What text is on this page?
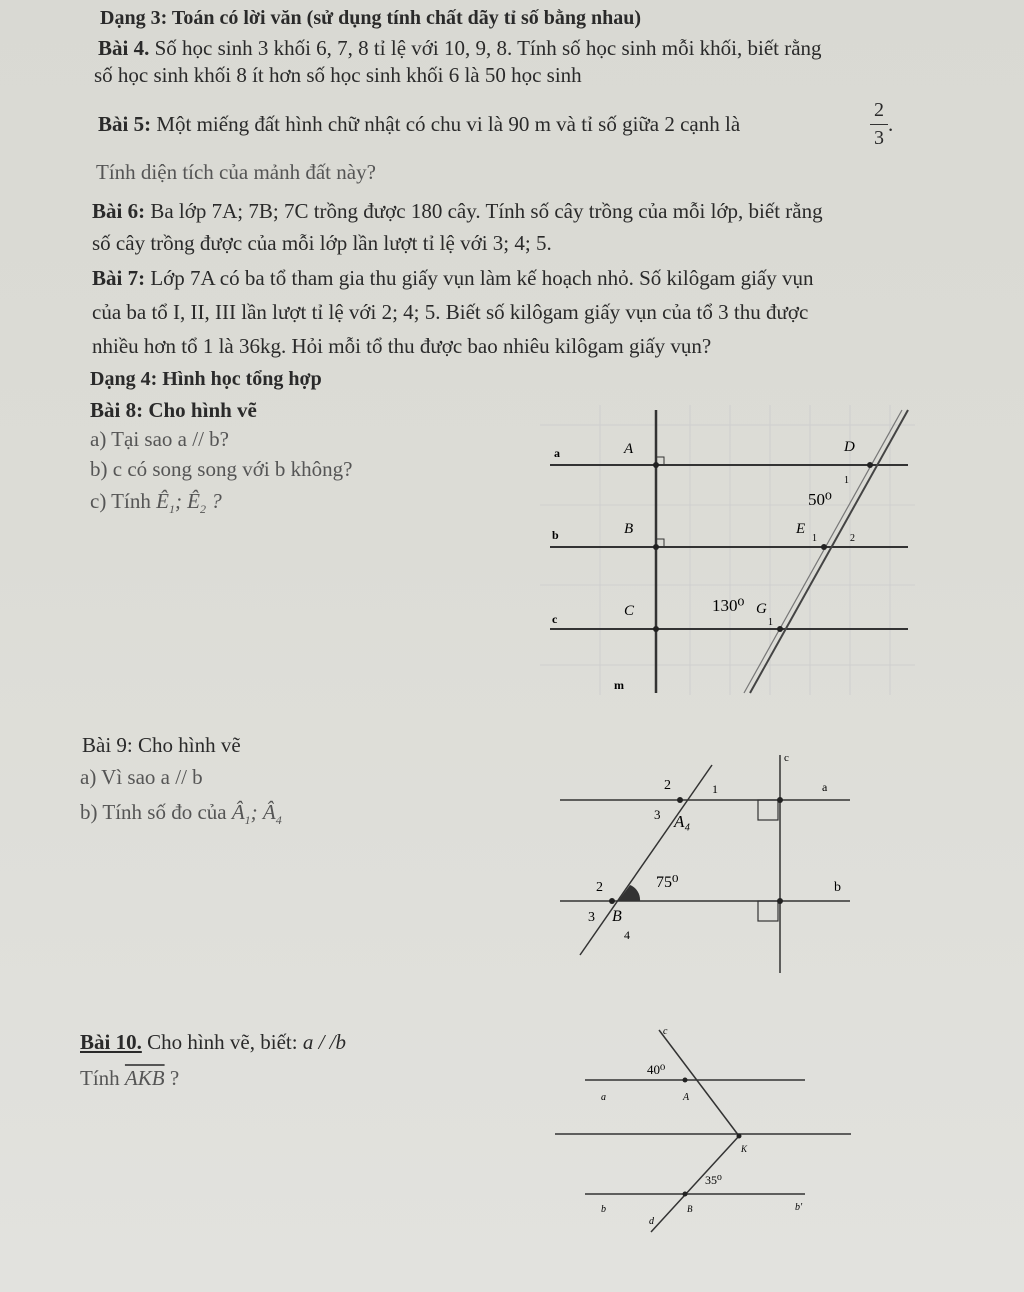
Dạng 3: Toán có lời văn (sử dụng tính chất dãy tỉ số bằng nhau)
Bài 4. Số học sinh 3 khối 6, 7, 8 tỉ lệ với 10, 9, 8. Tính số học sinh mỗi khối, biết rằng
số học sinh khối 8 ít hơn số học sinh khối 6 là 50 học sinh
Bài 5: Một miếng đất hình chữ nhật có chu vi là 90 m và tỉ số giữa 2 cạnh là
2
3
.
Tính diện tích của mảnh đất này?
Bài 6: Ba lớp 7A; 7B; 7C trồng được 180 cây. Tính số cây trồng của mỗi lớp, biết rằng
số cây trồng được của mỗi lớp lần lượt tỉ lệ với 3; 4; 5.
Bài 7: Lớp 7A có ba tổ tham gia thu giấy vụn làm kế hoạch nhỏ. Số kilôgam giấy vụn
của ba tổ I, II, III lần lượt tỉ lệ với 2; 4; 5. Biết số kilôgam giấy vụn của tổ 3 thu được
nhiều hơn tổ 1 là 36kg. Hỏi mỗi tổ thu được bao nhiêu kilôgam giấy vụn?
Dạng 4: Hình học tổng hợp
Bài 8: Cho hình vẽ
a) Tại sao a // b?
b) c có song song với b không?
c) Tính $Ê_1$; $Ê_2$ ?
a
b
c
m
A
B
C
D
E
G
50⁰
130⁰
1
1	2
1
Bài 9: Cho hình vẽ
a) Vì sao a // b
b) Tính số đo của $Â_1$; $Â_4$
c
a
b
A₄
B
75⁰
2	1
3
2
3
4
Bài 10. Cho hình vẽ, biết: a / /b
Tính $\overline{AKB}$ ?
c
40⁰
a	A
K
35⁰
b	B	b'
d
